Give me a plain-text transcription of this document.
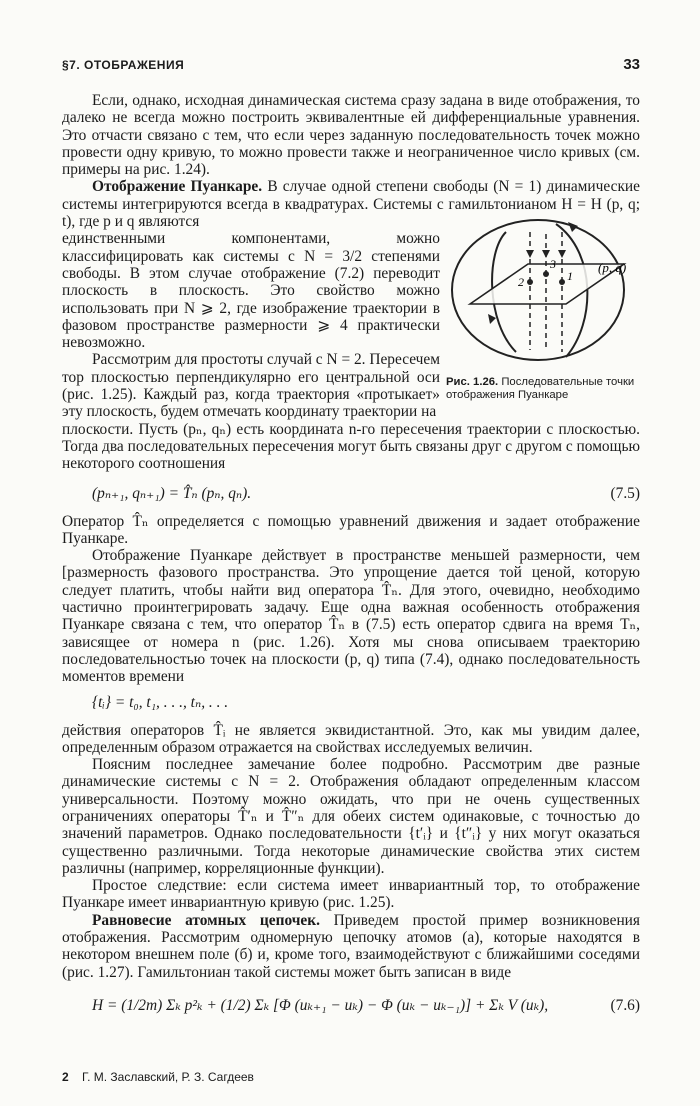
§7. ОТОБРАЖЕНИЯ	33
2
3
1
(p, q)
Рис. 1.26. Последовательные точки отображения Пуанкаре

Если, однако, исходная динамическая система сразу задана в виде отображения, то далеко не всегда можно построить эквивалентные ей дифференциальные уравнения. Это отчасти связано с тем, что если через заданную последовательность точек можно провести одну кривую, то можно провести также и неограниченное число кривых (см. примеры на рис. 1.24).

Отображение Пуанкаре. В случае одной степени свободы (N = 1) динамические системы интегрируются всегда в квадратурах. Системы с гамильтонианом H = H (p, q; t), где p и q являются

единственными компонентами, можно классифицировать как системы с N = 3/2 степенями свободы. В этом случае отображение (7.2) переводит плоскость в плоскость. Это свойство можно использовать при N ⩾ 2, где изображение траектории в фазовом пространстве размерности ⩾ 4 практически невозможно.

Рассмотрим для простоты случай с N = 2. Пересечем тор плоскостью перпендикулярно его центральной оси (рис. 1.25). Каждый раз, когда траектория «протыкает» эту плоскость, будем отмечать координату траектории на

плоскости. Пусть (pₙ, qₙ) есть координата n-го пересечения траектории с плоскостью. Тогда два последовательных пересечения могут быть связаны друг с другом с помощью некоторого соотношения

(pₙ₊₁, qₙ₊₁) = T̂ₙ (pₙ, qₙ).	(7.5)

Оператор T̂ₙ определяется с помощью уравнений движения и задает отображение Пуанкаре.

Отображение Пуанкаре действует в пространстве меньшей размерности, чем [размерность фазового пространства. Это упрощение дается той ценой, которую следует платить, чтобы найти вид оператора T̂ₙ. Для этого, очевидно, необходимо частично проинтегрировать задачу. Еще одна важная особенность отображения Пуанкаре связана с тем, что оператор T̂ₙ в (7.5) есть оператор сдвига на время Tₙ, зависящее от номера n (рис. 1.26). Хотя мы снова описываем траекторию последовательностью точек на плоскости (p, q) типа (7.4), однако последовательность моментов времени

{tᵢ} = t₀, t₁, . . ., tₙ, . . .

действия операторов T̂ᵢ не является эквидистантной. Это, как мы увидим далее, определенным образом отражается на свойствах исследуемых величин.

Поясним последнее замечание более подробно. Рассмотрим две разные динамические системы с N = 2. Отображения обладают определенным классом универсальности. Поэтому можно ожидать, что при не очень существенных ограничениях операторы T̂′ₙ и T̂″ₙ для обеих систем одинаковые, с точностью до значений параметров. Однако последовательности {t′ᵢ} и {t″ᵢ} у них могут оказаться существенно различными. Тогда некоторые динамические свойства этих систем различны (например, корреляционные функции).

Простое следствие: если система имеет инвариантный тор, то отображение Пуанкаре имеет инвариантную кривую (рис. 1.25).

Равновесие атомных цепочек. Приведем простой пример возникновения отображения. Рассмотрим одномерную цепочку атомов (а), которые находятся в некотором внешнем поле (б) и, кроме того, взаимодействуют с ближайшими соседями (рис. 1.27). Гамильтониан такой системы может быть записан в виде

H = (1/2m) Σₖ p²ₖ + (1/2) Σₖ [Φ (uₖ₊₁ − uₖ) − Φ (uₖ − uₖ₋₁)] + Σₖ V (uₖ),	(7.6)
2 Г. М. Заславский, Р. З. Сагдеев
